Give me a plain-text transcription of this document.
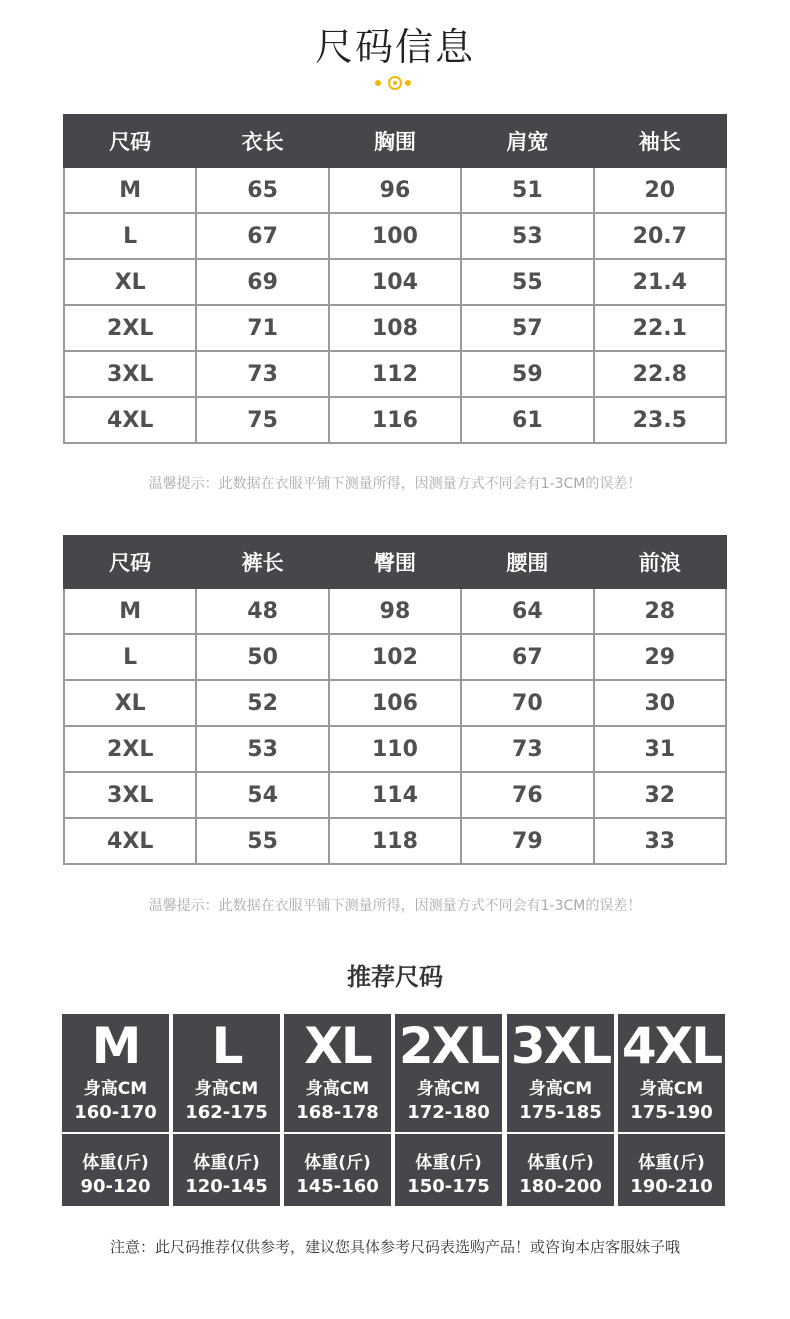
尺码信息
尺码	衣长	胸围	肩宽	袖长
M	65	96	51	20
L	67	100	53	20.7
XL	69	104	55	21.4
2XL	71	108	57	22.1
3XL	73	112	59	22.8
4XL	75	116	61	23.5
温馨提示：此数据在衣服平铺下测量所得，因测量方式不同会有1-3CM的误差！
尺码	裤长	臀围	腰围	前浪
M	48	98	64	28
L	50	102	67	29
XL	52	106	70	30
2XL	53	110	73	31
3XL	54	114	76	32
4XL	55	118	79	33
温馨提示：此数据在衣服平铺下测量所得，因测量方式不同会有1-3CM的误差！
推荐尺码
M
身高CM
160-170
体重(斤)
90-120
L
身高CM
162-175
体重(斤)
120-145
XL
身高CM
168-178
体重(斤)
145-160
2XL
身高CM
172-180
体重(斤)
150-175
3XL
身高CM
175-185
体重(斤)
180-200
4XL
身高CM
175-190
体重(斤)
190-210
注意：此尺码推荐仅供参考，建议您具体参考尺码表选购产品！或咨询本店客服妹子哦
